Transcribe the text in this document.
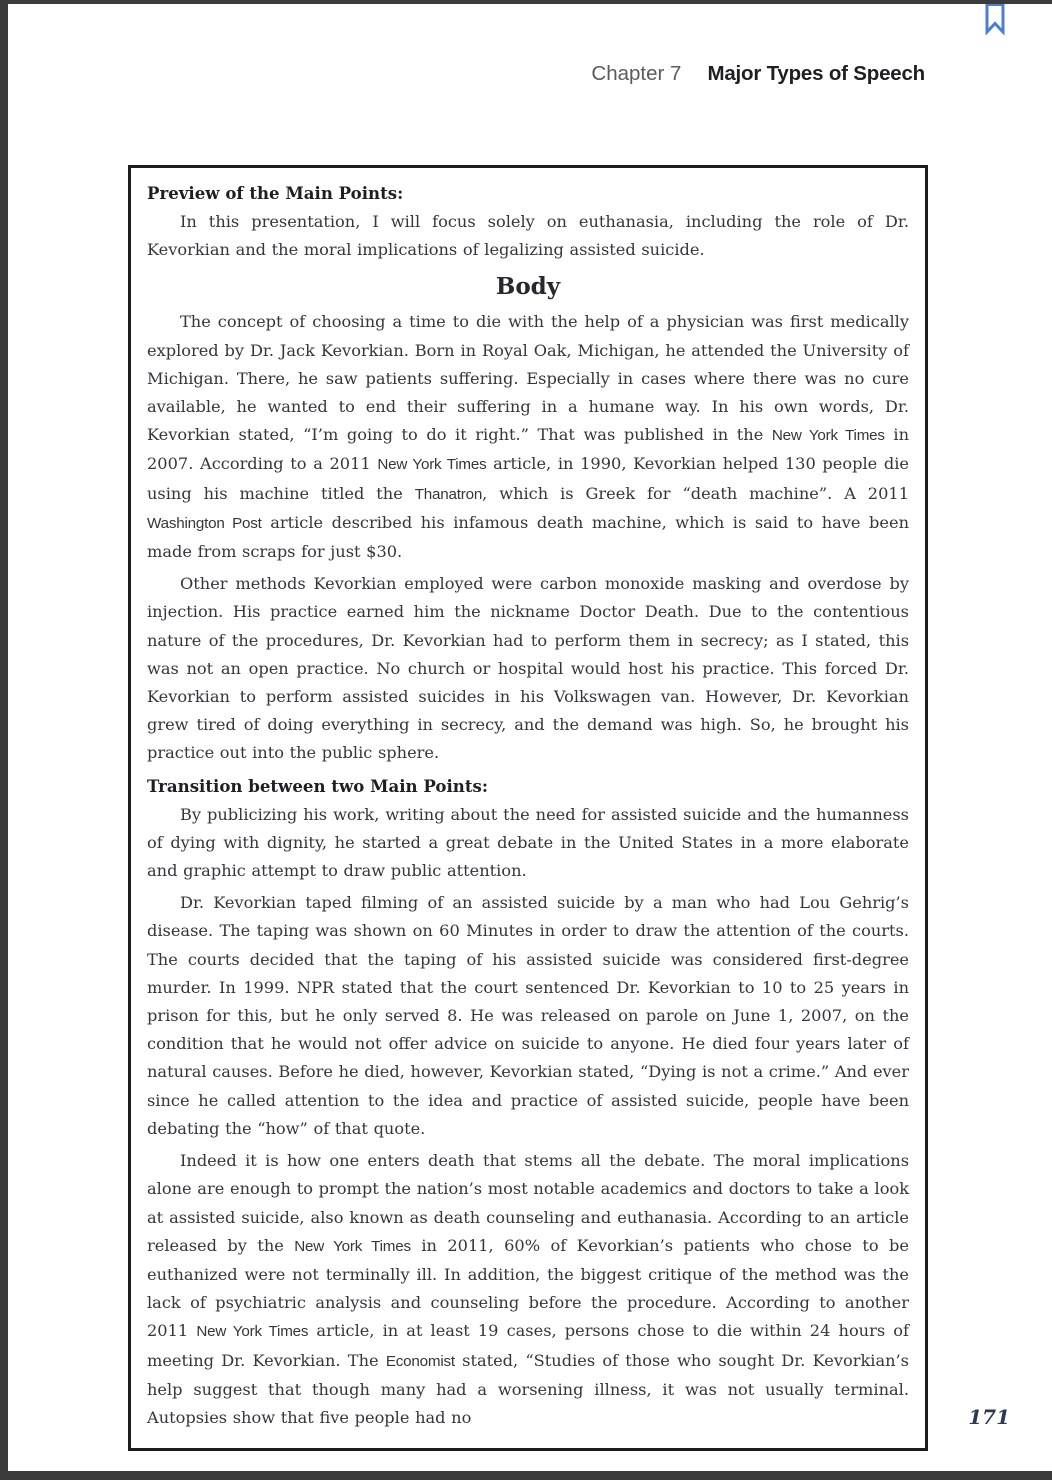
Chapter 7 Major Types of Speech
Preview of the Main Points:

In this presentation, I will focus solely on euthanasia, including the role of Dr. Kevorkian and the moral implications of legalizing assisted suicide.

Body

The concept of choosing a time to die with the help of a physician was first medically explored by Dr. Jack Kevorkian. Born in Royal Oak, Michigan, he attended the University of Michigan. There, he saw patients suffering. Especially in cases where there was no cure available, he wanted to end their suffering in a humane way. In his own words, Dr. Kevorkian stated, “I’m going to do it right.” That was published in the New York Times in 2007. According to a 2011 New York Times article, in 1990, Kevorkian helped 130 people die using his machine titled the Thanatron, which is Greek for “death machine”. A 2011 Washington Post article described his infamous death machine, which is said to have been made from scraps for just $30.

Other methods Kevorkian employed were carbon monoxide masking and overdose by injection. His practice earned him the nickname Doctor Death. Due to the contentious nature of the procedures, Dr. Kevorkian had to perform them in secrecy; as I stated, this was not an open practice. No church or hospital would host his practice. This forced Dr. Kevorkian to perform assisted suicides in his Volkswagen van. However, Dr. Kevorkian grew tired of doing everything in secrecy, and the demand was high. So, he brought his practice out into the public sphere.

Transition between two Main Points:

By publicizing his work, writing about the need for assisted suicide and the humanness of dying with dignity, he started a great debate in the United States in a more elaborate and graphic attempt to draw public attention.

Dr. Kevorkian taped filming of an assisted suicide by a man who had Lou Gehrig’s disease. The taping was shown on 60 Minutes in order to draw the attention of the courts. The courts decided that the taping of his assisted suicide was considered first-degree murder. In 1999. NPR stated that the court sentenced Dr. Kevorkian to 10 to 25 years in prison for this, but he only served 8. He was released on parole on June 1, 2007, on the condition that he would not offer advice on suicide to anyone. He died four years later of natural causes. Before he died, however, Kevorkian stated, “Dying is not a crime.” And ever since he called attention to the idea and practice of assisted suicide, people have been debating the “how” of that quote.

Indeed it is how one enters death that stems all the debate. The moral implications alone are enough to prompt the nation’s most notable academics and doctors to take a look at assisted suicide, also known as death counseling and euthanasia. According to an article released by the New York Times in 2011, 60% of Kevorkian’s patients who chose to be euthanized were not terminally ill. In addition, the biggest critique of the method was the lack of psychiatric analysis and counseling before the procedure. According to another 2011 New York Times article, in at least 19 cases, persons chose to die within 24 hours of meeting Dr. Kevorkian. The Economist stated, “Studies of those who sought Dr. Kevorkian’s help suggest that though many had a worsening illness, it was not usually terminal. Autopsies show that five people had no	171
